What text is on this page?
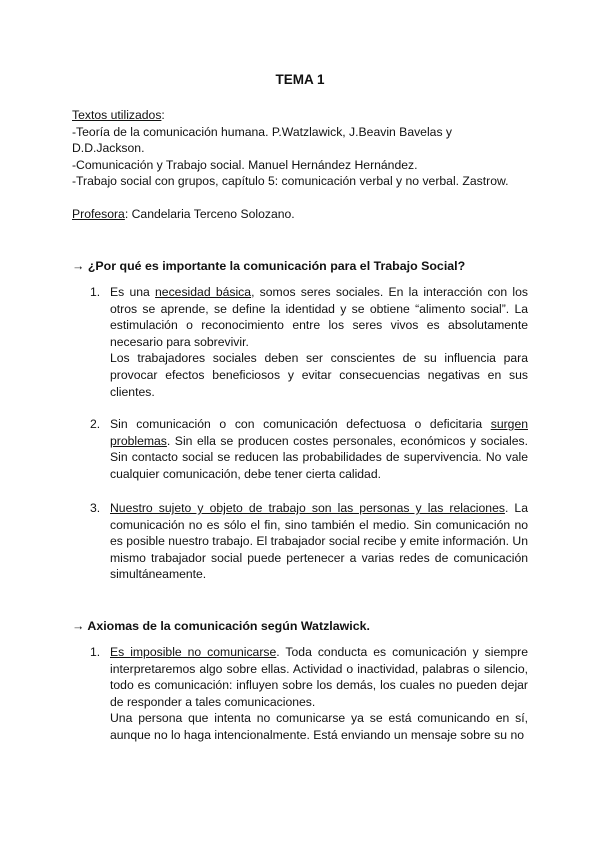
TEMA 1
Textos utilizados:
-Teoría de la comunicación humana. P.Watzlawick, J.Beavin Bavelas y D.D.Jackson.
-Comunicación y Trabajo social. Manuel Hernández Hernández.
-Trabajo social con grupos, capítulo 5: comunicación verbal y no verbal. Zastrow.
Profesora: Candelaria Terceno Solozano.
→ ¿Por qué es importante la comunicación para el Trabajo Social?
1. Es una necesidad básica, somos seres sociales. En la interacción con los otros se aprende, se define la identidad y se obtiene “alimento social”. La estimulación o reconocimiento entre los seres vivos es absolutamente necesario para sobrevivir.

Los trabajadores sociales deben ser conscientes de su influencia para provocar efectos beneficiosos y evitar consecuencias negativas en sus clientes.

2. Sin comunicación o con comunicación defectuosa o deficitaria surgen problemas. Sin ella se producen costes personales, económicos y sociales. Sin contacto social se reducen las probabilidades de supervivencia. No vale cualquier comunicación, debe tener cierta calidad.

3. Nuestro sujeto y objeto de trabajo son las personas y las relaciones. La comunicación no es sólo el fin, sino también el medio. Sin comunicación no es posible nuestro trabajo. El trabajador social recibe y emite información. Un mismo trabajador social puede pertenecer a varias redes de comunicación simultáneamente.

→ Axiomas de la comunicación según Watzlawick.
1. Es imposible no comunicarse. Toda conducta es comunicación y siempre interpretaremos algo sobre ellas. Actividad o inactividad, palabras o silencio, todo es comunicación: influyen sobre los demás, los cuales no pueden dejar de responder a tales comunicaciones.

Una persona que intenta no comunicarse ya se está comunicando en sí, aunque no lo haga intencionalmente. Está enviando un mensaje sobre su no
